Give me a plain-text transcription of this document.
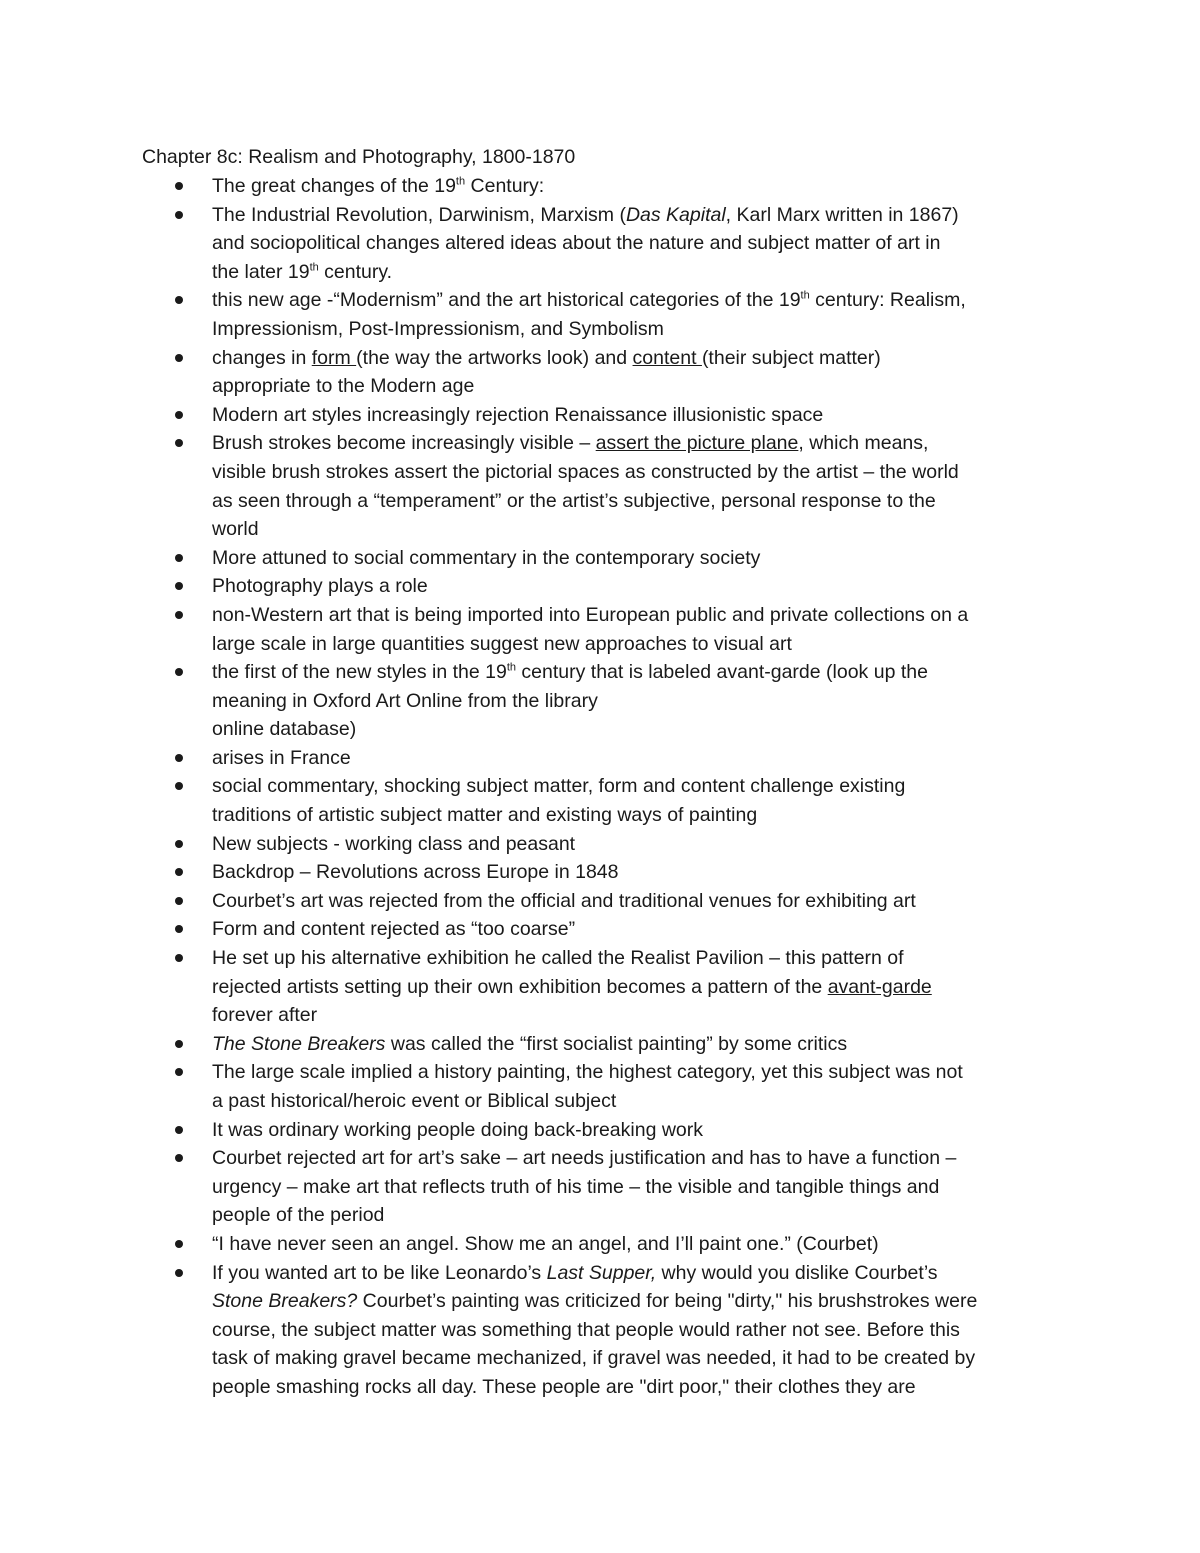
Chapter 8c: Realism and Photography, 1800-1870
The great changes of the 19th Century:
The Industrial Revolution, Darwinism, Marxism (Das Kapital, Karl Marx written in 1867)
and sociopolitical changes altered ideas about the nature and subject matter of art in
the later 19th century.
this new age -“Modernism” and the art historical categories of the 19th century: Realism,
Impressionism, Post-Impressionism, and Symbolism
changes in form (the way the artworks look) and content (their subject matter)
appropriate to the Modern age
Modern art styles increasingly rejection Renaissance illusionistic space
Brush strokes become increasingly visible – assert the picture plane, which means,
visible brush strokes assert the pictorial spaces as constructed by the artist – the world
as seen through a “temperament” or the artist’s subjective, personal response to the
world
More attuned to social commentary in the contemporary society
Photography plays a role
non-Western art that is being imported into European public and private collections on a
large scale in large quantities suggest new approaches to visual art
the first of the new styles in the 19th century that is labeled avant-garde (look up the
meaning in Oxford Art Online from the library
online database)
arises in France
social commentary, shocking subject matter, form and content challenge existing
traditions of artistic subject matter and existing ways of painting
New subjects - working class and peasant
Backdrop – Revolutions across Europe in 1848
Courbet’s art was rejected from the official and traditional venues for exhibiting art
Form and content rejected as “too coarse”
He set up his alternative exhibition he called the Realist Pavilion – this pattern of
rejected artists setting up their own exhibition becomes a pattern of the avant-garde
forever after
The Stone Breakers was called the “first socialist painting” by some critics
The large scale implied a history painting, the highest category, yet this subject was not
a past historical/heroic event or Biblical subject
It was ordinary working people doing back-breaking work
Courbet rejected art for art’s sake – art needs justification and has to have a function –
urgency – make art that reflects truth of his time – the visible and tangible things and
people of the period
“I have never seen an angel. Show me an angel, and I’ll paint one.” (Courbet)
If you wanted art to be like Leonardo’s Last Supper, why would you dislike Courbet’s
Stone Breakers? Courbet’s painting was criticized for being "dirty," his brushstrokes were
course, the subject matter was something that people would rather not see. Before this
task of making gravel became mechanized, if gravel was needed, it had to be created by
people smashing rocks all day. These people are "dirt poor," their clothes they are
